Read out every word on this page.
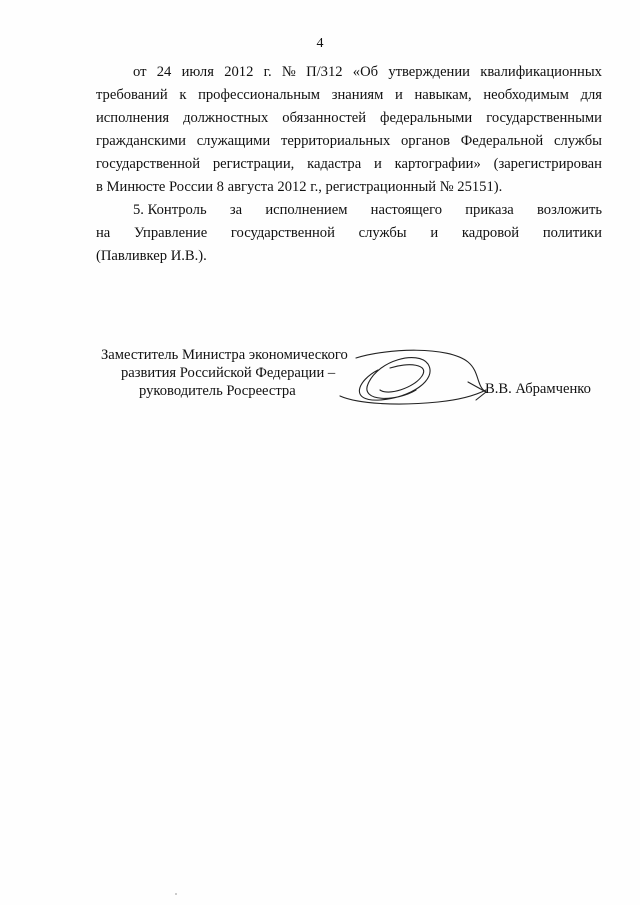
4
от 24 июля 2012 г. № П/312 «Об утверждении квалификационных
требований к профессиональным знаниям и навыкам, необходимым для
исполнения должностных обязанностей федеральными государственными
гражданскими служащими территориальных органов Федеральной службы
государственной регистрации, кадастра и картографии» (зарегистрирован
в Минюсте России 8 августа 2012 г., регистрационный № 25151).
5. Контроль за исполнением настоящего приказа возложить
на Управление государственной службы и кадровой политики
(Павливкер И.В.).
Заместитель Министра экономического
развития Российской Федерации –
руководитель Росреестра	В.В. Абрамченко
